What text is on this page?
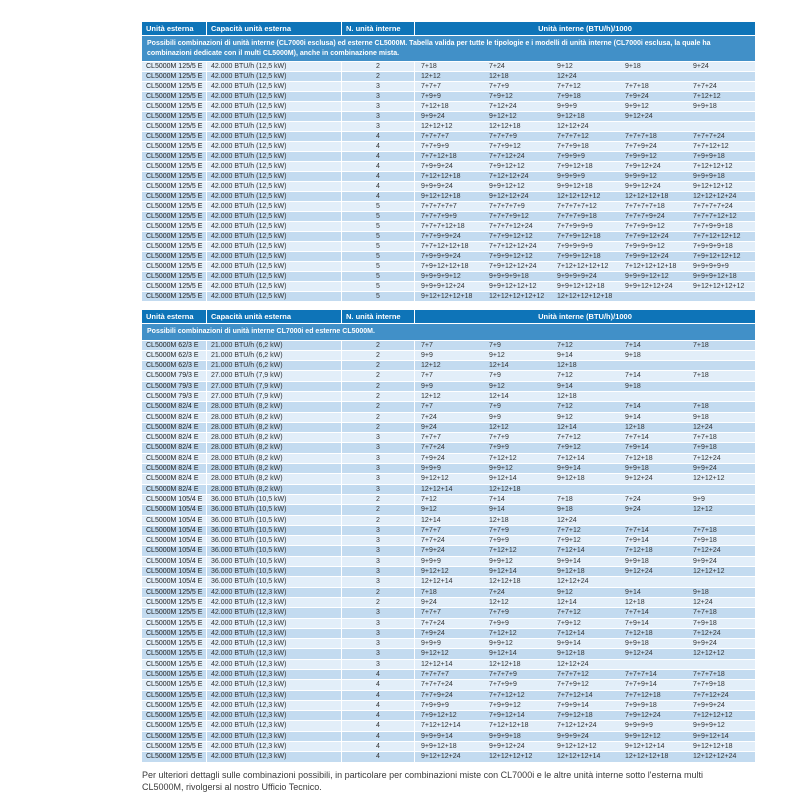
Unità esterna	Capacità unità esterna	N. unità interne	Unità interne (BTU/h)/1000
Possibili combinazioni di unità interne (CL7000i esclusa) ed esterne CL5000M. Tabella valida per tutte le tipologie e i modelli di unità interne (CL7000i esclusa, la quale ha combinazioni dedicate con il multi CL5000M), anche in combinazione mista.
CL5000M 125/5 E	42.000 BTU/h (12,5 kW)	2	7+18	7+24	9+12	9+18	9+24
CL5000M 125/5 E	42.000 BTU/h (12,5 kW)	2	12+12	12+18	12+24
CL5000M 125/5 E	42.000 BTU/h (12,5 kW)	3	7+7+7	7+7+9	7+7+12	7+7+18	7+7+24
CL5000M 125/5 E	42.000 BTU/h (12,5 kW)	3	7+9+9	7+9+12	7+9+18	7+9+24	7+12+12
CL5000M 125/5 E	42.000 BTU/h (12,5 kW)	3	7+12+18	7+12+24	9+9+9	9+9+12	9+9+18
CL5000M 125/5 E	42.000 BTU/h (12,5 kW)	3	9+9+24	9+12+12	9+12+18	9+12+24
CL5000M 125/5 E	42.000 BTU/h (12,5 kW)	3	12+12+12	12+12+18	12+12+24
CL5000M 125/5 E	42.000 BTU/h (12,5 kW)	4	7+7+7+7	7+7+7+9	7+7+7+12	7+7+7+18	7+7+7+24
CL5000M 125/5 E	42.000 BTU/h (12,5 kW)	4	7+7+9+9	7+7+9+12	7+7+9+18	7+7+9+24	7+7+12+12
CL5000M 125/5 E	42.000 BTU/h (12,5 kW)	4	7+7+12+18	7+7+12+24	7+9+9+9	7+9+9+12	7+9+9+18
CL5000M 125/5 E	42.000 BTU/h (12,5 kW)	4	7+9+9+24	7+9+12+12	7+9+12+18	7+9+12+24	7+12+12+12
CL5000M 125/5 E	42.000 BTU/h (12,5 kW)	4	7+12+12+18	7+12+12+24	9+9+9+9	9+9+9+12	9+9+9+18
CL5000M 125/5 E	42.000 BTU/h (12,5 kW)	4	9+9+9+24	9+9+12+12	9+9+12+18	9+9+12+24	9+12+12+12
CL5000M 125/5 E	42.000 BTU/h (12,5 kW)	4	9+12+12+18	9+12+12+24	12+12+12+12	12+12+12+18	12+12+12+24
CL5000M 125/5 E	42.000 BTU/h (12,5 kW)	5	7+7+7+7+7	7+7+7+7+9	7+7+7+7+12	7+7+7+7+18	7+7+7+7+24
CL5000M 125/5 E	42.000 BTU/h (12,5 kW)	5	7+7+7+9+9	7+7+7+9+12	7+7+7+9+18	7+7+7+9+24	7+7+7+12+12
CL5000M 125/5 E	42.000 BTU/h (12,5 kW)	5	7+7+7+12+18	7+7+7+12+24	7+7+9+9+9	7+7+9+9+12	7+7+9+9+18
CL5000M 125/5 E	42.000 BTU/h (12,5 kW)	5	7+7+9+9+24	7+7+9+12+12	7+7+9+12+18	7+7+9+12+24	7+7+12+12+12
CL5000M 125/5 E	42.000 BTU/h (12,5 kW)	5	7+7+12+12+18	7+7+12+12+24	7+9+9+9+9	7+9+9+9+12	7+9+9+9+18
CL5000M 125/5 E	42.000 BTU/h (12,5 kW)	5	7+9+9+9+24	7+9+9+12+12	7+9+9+12+18	7+9+9+12+24	7+9+12+12+12
CL5000M 125/5 E	42.000 BTU/h (12,5 kW)	5	7+9+12+12+18	7+9+12+12+24	7+12+12+12+12	7+12+12+12+18	9+9+9+9+9
CL5000M 125/5 E	42.000 BTU/h (12,5 kW)	5	9+9+9+9+12	9+9+9+9+18	9+9+9+9+24	9+9+9+12+12	9+9+9+12+18
CL5000M 125/5 E	42.000 BTU/h (12,5 kW)	5	9+9+9+12+24	9+9+12+12+12	9+9+12+12+18	9+9+12+12+24	9+12+12+12+12
CL5000M 125/5 E	42.000 BTU/h (12,5 kW)	5	9+12+12+12+18	12+12+12+12+12	12+12+12+12+18
Unità esterna	Capacità unità esterna	N. unità interne	Unità interne (BTU/h)/1000
Possibili combinazioni di unità interne CL7000i ed esterne CL5000M.
CL5000M 62/3 E	21.000 BTU/h (6,2 kW)	2	7+7	7+9	7+12	7+14	7+18
CL5000M 62/3 E	21.000 BTU/h (6,2 kW)	2	9+9	9+12	9+14	9+18
CL5000M 62/3 E	21.000 BTU/h (6,2 kW)	2	12+12	12+14	12+18
CL5000M 79/3 E	27.000 BTU/h (7,9 kW)	2	7+7	7+9	7+12	7+14	7+18
CL5000M 79/3 E	27.000 BTU/h (7,9 kW)	2	9+9	9+12	9+14	9+18
CL5000M 79/3 E	27.000 BTU/h (7,9 kW)	2	12+12	12+14	12+18
CL5000M 82/4 E	28.000 BTU/h (8,2 kW)	2	7+7	7+9	7+12	7+14	7+18
CL5000M 82/4 E	28.000 BTU/h (8,2 kW)	2	7+24	9+9	9+12	9+14	9+18
CL5000M 82/4 E	28.000 BTU/h (8,2 kW)	2	9+24	12+12	12+14	12+18	12+24
CL5000M 82/4 E	28.000 BTU/h (8,2 kW)	3	7+7+7	7+7+9	7+7+12	7+7+14	7+7+18
CL5000M 82/4 E	28.000 BTU/h (8,2 kW)	3	7+7+24	7+9+9	7+9+12	7+9+14	7+9+18
CL5000M 82/4 E	28.000 BTU/h (8,2 kW)	3	7+9+24	7+12+12	7+12+14	7+12+18	7+12+24
CL5000M 82/4 E	28.000 BTU/h (8,2 kW)	3	9+9+9	9+9+12	9+9+14	9+9+18	9+9+24
CL5000M 82/4 E	28.000 BTU/h (8,2 kW)	3	9+12+12	9+12+14	9+12+18	9+12+24	12+12+12
CL5000M 82/4 E	28.000 BTU/h (8,2 kW)	3	12+12+14	12+12+18
CL5000M 105/4 E	36.000 BTU/h (10,5 kW)	2	7+12	7+14	7+18	7+24	9+9
CL5000M 105/4 E	36.000 BTU/h (10,5 kW)	2	9+12	9+14	9+18	9+24	12+12
CL5000M 105/4 E	36.000 BTU/h (10,5 kW)	2	12+14	12+18	12+24
CL5000M 105/4 E	36.000 BTU/h (10,5 kW)	3	7+7+7	7+7+9	7+7+12	7+7+14	7+7+18
CL5000M 105/4 E	36.000 BTU/h (10,5 kW)	3	7+7+24	7+9+9	7+9+12	7+9+14	7+9+18
CL5000M 105/4 E	36.000 BTU/h (10,5 kW)	3	7+9+24	7+12+12	7+12+14	7+12+18	7+12+24
CL5000M 105/4 E	36.000 BTU/h (10,5 kW)	3	9+9+9	9+9+12	9+9+14	9+9+18	9+9+24
CL5000M 105/4 E	36.000 BTU/h (10,5 kW)	3	9+12+12	9+12+14	9+12+18	9+12+24	12+12+12
CL5000M 105/4 E	36.000 BTU/h (10,5 kW)	3	12+12+14	12+12+18	12+12+24
CL5000M 125/5 E	42.000 BTU/h (12,3 kW)	2	7+18	7+24	9+12	9+14	9+18
CL5000M 125/5 E	42.000 BTU/h (12,3 kW)	2	9+24	12+12	12+14	12+18	12+24
CL5000M 125/5 E	42.000 BTU/h (12,3 kW)	3	7+7+7	7+7+9	7+7+12	7+7+14	7+7+18
CL5000M 125/5 E	42.000 BTU/h (12,3 kW)	3	7+7+24	7+9+9	7+9+12	7+9+14	7+9+18
CL5000M 125/5 E	42.000 BTU/h (12,3 kW)	3	7+9+24	7+12+12	7+12+14	7+12+18	7+12+24
CL5000M 125/5 E	42.000 BTU/h (12,3 kW)	3	9+9+9	9+9+12	9+9+14	9+9+18	9+9+24
CL5000M 125/5 E	42.000 BTU/h (12,3 kW)	3	9+12+12	9+12+14	9+12+18	9+12+24	12+12+12
CL5000M 125/5 E	42.000 BTU/h (12,3 kW)	3	12+12+14	12+12+18	12+12+24
CL5000M 125/5 E	42.000 BTU/h (12,3 kW)	4	7+7+7+7	7+7+7+9	7+7+7+12	7+7+7+14	7+7+7+18
CL5000M 125/5 E	42.000 BTU/h (12,3 kW)	4	7+7+7+24	7+7+9+9	7+7+9+12	7+7+9+14	7+7+9+18
CL5000M 125/5 E	42.000 BTU/h (12,3 kW)	4	7+7+9+24	7+7+12+12	7+7+12+14	7+7+12+18	7+7+12+24
CL5000M 125/5 E	42.000 BTU/h (12,3 kW)	4	7+9+9+9	7+9+9+12	7+9+9+14	7+9+9+18	7+9+9+24
CL5000M 125/5 E	42.000 BTU/h (12,3 kW)	4	7+9+12+12	7+9+12+14	7+9+12+18	7+9+12+24	7+12+12+12
CL5000M 125/5 E	42.000 BTU/h (12,3 kW)	4	7+12+12+14	7+12+12+18	7+12+12+24	9+9+9+9	9+9+9+12
CL5000M 125/5 E	42.000 BTU/h (12,3 kW)	4	9+9+9+14	9+9+9+18	9+9+9+24	9+9+12+12	9+9+12+14
CL5000M 125/5 E	42.000 BTU/h (12,3 kW)	4	9+9+12+18	9+9+12+24	9+12+12+12	9+12+12+14	9+12+12+18
CL5000M 125/5 E	42.000 BTU/h (12,3 kW)	4	9+12+12+24	12+12+12+12	12+12+12+14	12+12+12+18	12+12+12+24
Per ulteriori dettagli sulle combinazioni possibili, in particolare per combinazioni miste con CL7000i e le altre unità interne sotto l'esterna multi CL5000M, rivolgersi al nostro Ufficio Tecnico.
